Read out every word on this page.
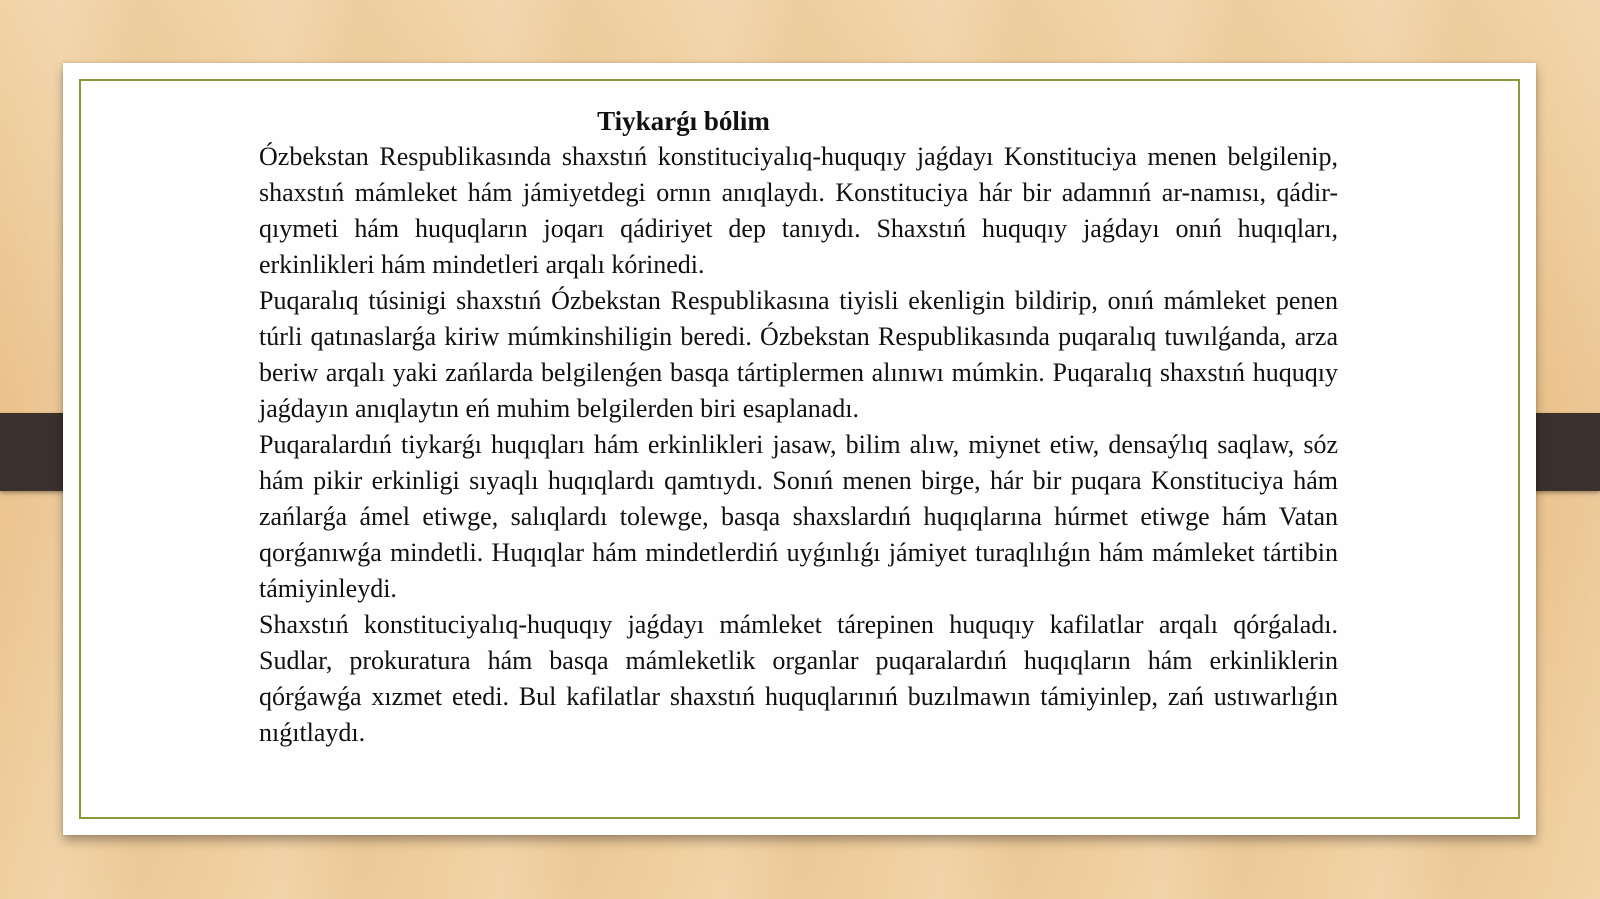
Tiykarǵı bólim

Ózbekstan Respublikasında shaxstıń konstituciyalıq-huquqıy jaǵdayı Konstituciya menen belgilenip, shaxstıń mámleket hám jámiyetdegi ornın anıqlaydı. Konstituciya hár bir adamnıń ar-namısı, qádir-qıymeti hám huquqların joqarı qádiriyet dep tanıydı. Shaxstıń huquqıy jaǵdayı onıń huqıqları, erkinlikleri hám mindetleri arqalı kórinedi.

Puqaralıq túsinigi shaxstıń Ózbekstan Respublikasına tiyisli ekenligin bildirip, onıń mámleket penen túrli qatınaslarǵa kiriw múmkinshiligin beredi. Ózbekstan Respublikasında puqaralıq tuwılǵanda, arza beriw arqalı yaki zańlarda belgilenǵen basqa tártiplermen alınıwı múmkin. Puqaralıq shaxstıń huquqıy jaǵdayın anıqlaytın eń muhim belgilerden biri esaplanadı.

Puqaralardıń tiykarǵı huqıqları hám erkinlikleri jasaw, bilim alıw, miynet etiw, densaýlıq saqlaw, sóz hám pikir erkinligi sıyaqlı huqıqlardı qamtıydı. Sonıń menen birge, hár bir puqara Konstituciya hám zańlarǵa ámel etiwge, salıqlardı tolewge, basqa shaxslardıń huqıqlarına húrmet etiwge hám Vatan qorǵanıwǵa mindetli. Huqıqlar hám mindetlerdiń uyǵınlıǵı jámiyet turaqlılıǵın hám mámleket tártibin támiyinleydi.

Shaxstıń konstituciyalıq-huquqıy jaǵdayı mámleket tárepinen huquqıy kafilatlar arqalı qórǵaladı. Sudlar, prokuratura hám basqa mámleketlik organlar puqaralardıń huqıqların hám erkinliklerin qórǵawǵa xızmet etedi. Bul kafilatlar shaxstıń huquqlarınıń buzılmawın támiyinlep, zań ustıwarlıǵın nıǵıtlaydı.
